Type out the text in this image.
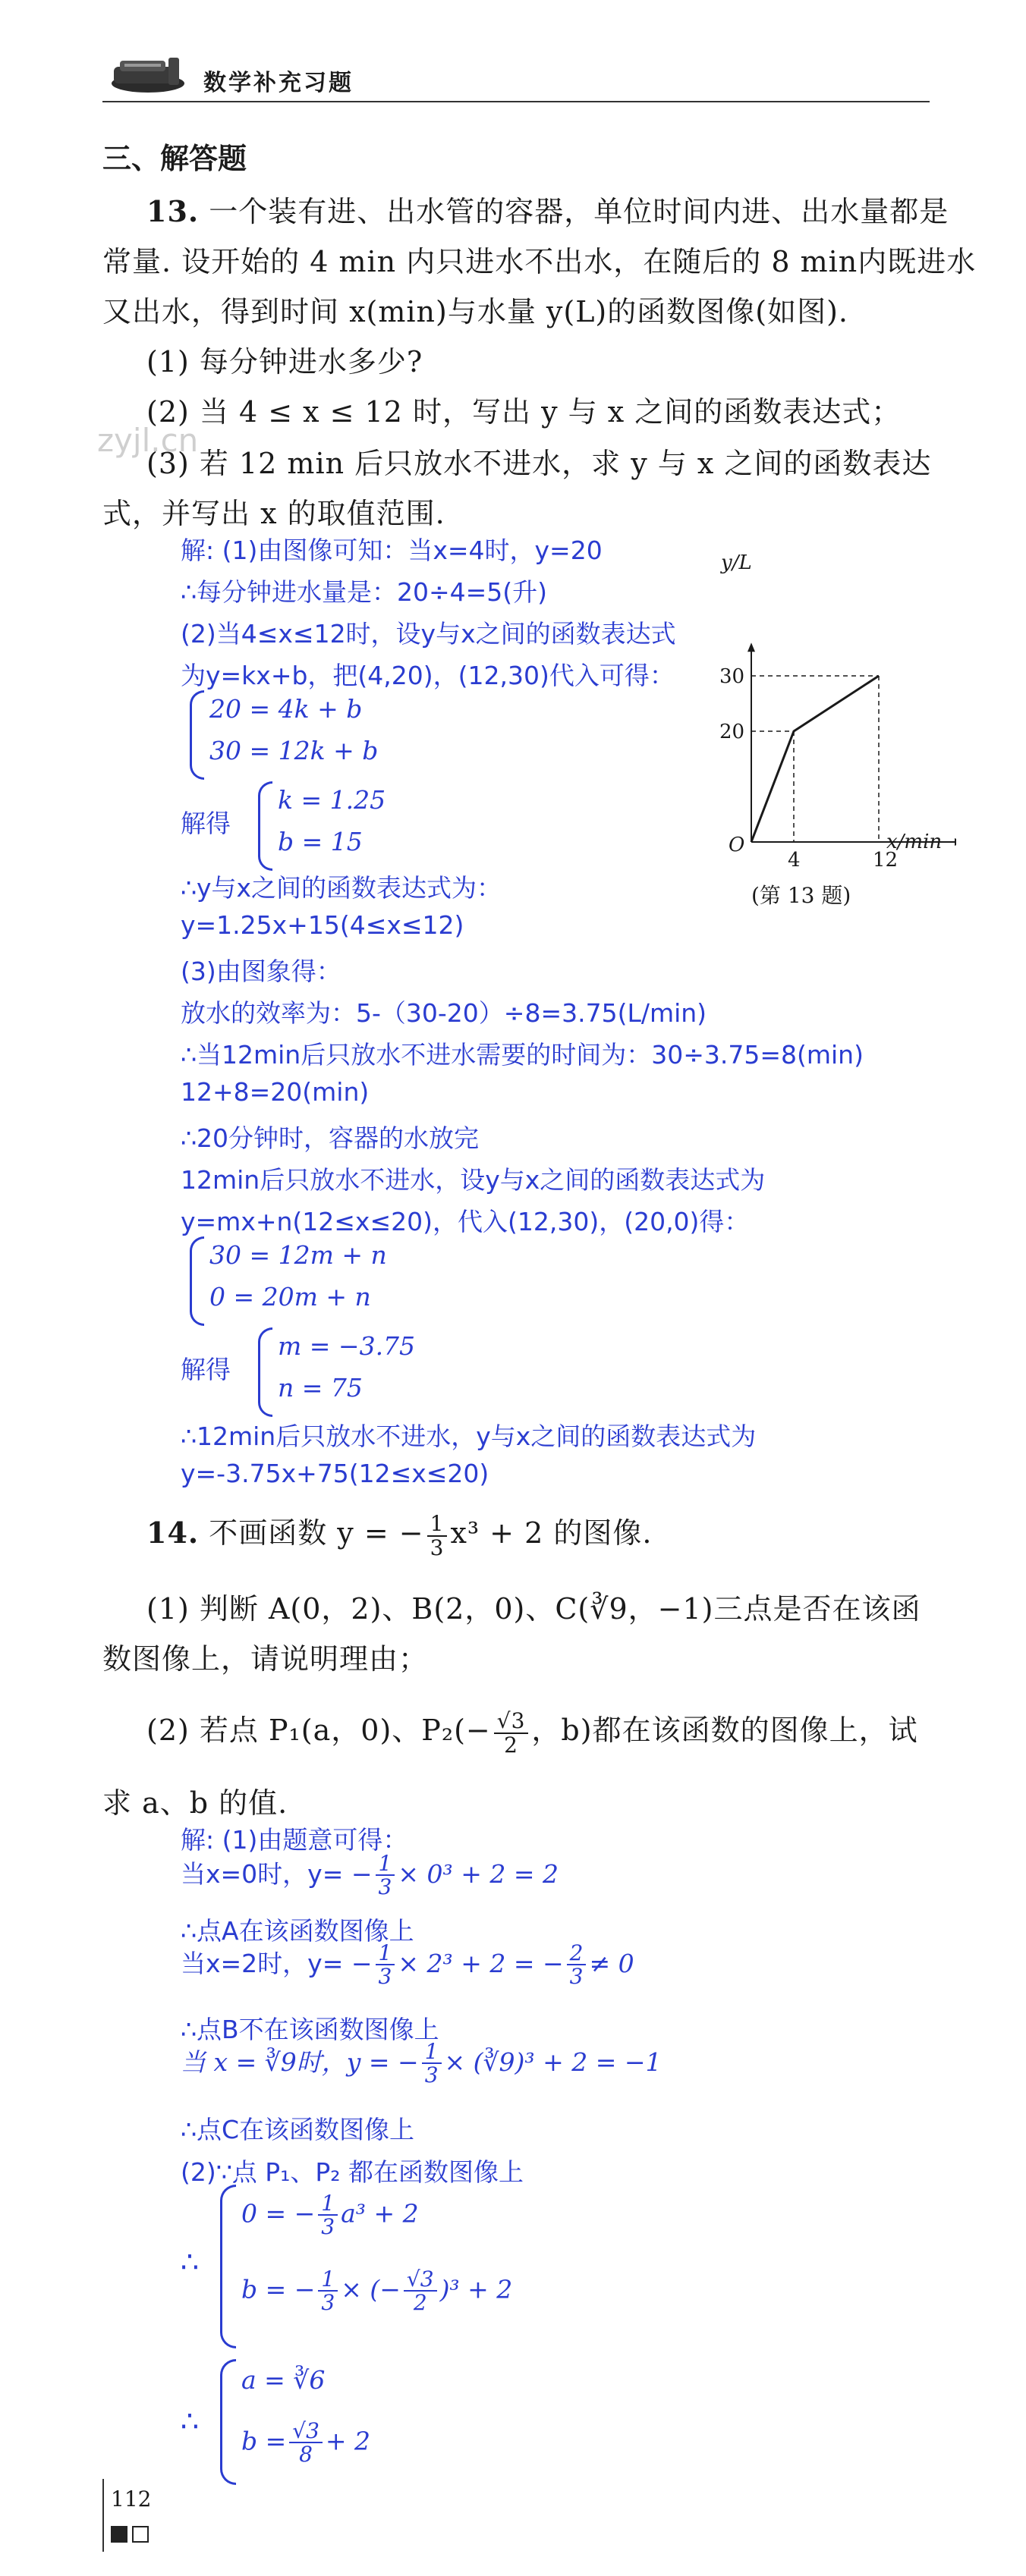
数学补充习题
三、解答题
13. 一个装有进、出水管的容器，单位时间内进、出水量都是
常量. 设开始的 4 min 内只进水不出水，在随后的 8 min内既进水
又出水，得到时间 x(min)与水量 y(L)的函数图像(如图).
(1) 每分钟进水多少?
(2) 当 4 ≤ x ≤ 12 时，写出 y 与 x 之间的函数表达式；
zyjl.cn
(3) 若 12 min 后只放水不进水，求 y 与 x 之间的函数表达
式，并写出 x 的取值范围.
y/L
x/min
O
(第 13 题)
4	12
20
30
解: (1)由图像可知：当x=4时，y=20
∴每分钟进水量是：20÷4=5(升)
(2)当4≤x≤12时，设y与x之间的函数表达式
为y=kx+b，把(4,20)，(12,30)代入可得：
20 = 4k + b
30 = 12k + b
解得
k = 1.25
b = 15
∴y与x之间的函数表达式为：
y=1.25x+15(4≤x≤12)
(3)由图象得：
放水的效率为：5-（30-20）÷8=3.75(L/min)
∴当12min后只放水不进水需要的时间为：30÷3.75=8(min)
12+8=20(min)
∴20分钟时，容器的水放完
12min后只放水不进水，设y与x之间的函数表达式为
y=mx+n(12≤x≤20)，代入(12,30)，(20,0)得：
30 = 12m + n
0 = 20m + n
解得
m = −3.75
n = 75
∴12min后只放水不进水，y与x之间的函数表达式为
y=-3.75x+75(12≤x≤20)
14. 不画函数 y = − $\frac{1}{3} x^3 + 2$ 的图像.
(1) 判断 A(0，2)、B(2，0)、C(∛9，−1)三点是否在该函
数图像上，请说明理由；
(2) 若点 P₁(a，0)、$P_2(- \frac{√3}{2}$ ，b)都在该函数的图像上，试
求 a、b 的值.
解: (1)由题意可得：
当x=0时，$y= - \frac{1}{3} \times 0^3 + 2 = 2$
∴点A在该函数图像上
当x=2时，$y= - \frac{1}{3} \times 2^3 + 2$ = − $\frac{2}{3} \ne 0$
∴点B不在该函数图像上
当 x = ∛9时，y = − $\frac{1}{3}$ × (∛9)³ + 2 = −1
∴点C在该函数图像上
(2)∵点 P₁、P₂ 都在函数图像上
∴
0 = − $\frac{1}{3} a^3 + 2$
b = − $\frac{1}{3}$ × (− $\frac{√3}{2} )^3 + 2$
∴
a = ∛6
$b = \frac{√3}{8} + 2$
112
